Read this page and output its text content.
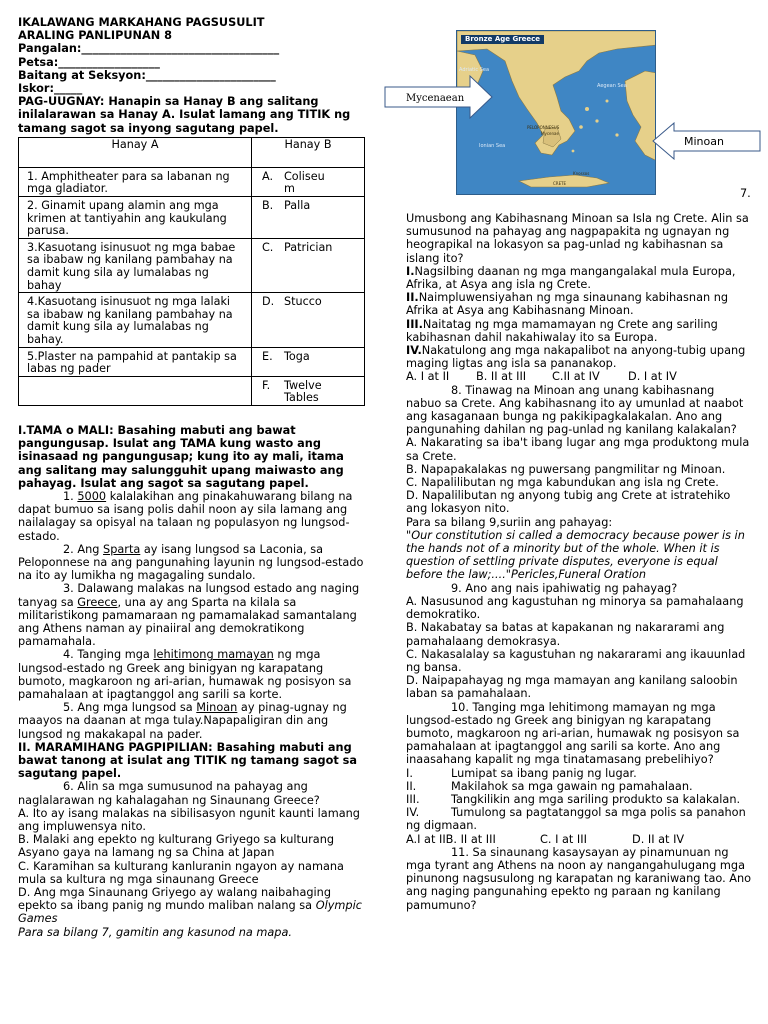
IKALAWANG MARKAHANG PAGSUSULIT
ARALING PANLIPUNAN 8
Pangalan:___________________________________
Petsa:__________________
Baitang at Seksyon:_______________________
Iskor:_____
PAG-UUGNAY: Hanapin sa Hanay B ang salitang inilalarawan sa Hanay A. Isulat lamang ang TITIK ng tamang sagot sa inyong sagutang papel.
Hanay A	Hanay B
1. Amphitheater para sa labanan ng mga gladiator.	A. Coliseum

2. Ginamit upang alamin ang mga krimen at tantiyahin ang kaukulang parusa.	B. Palla

3.Kasuotang isinusuot ng mga babae sa ibabaw ng kanilang pambahay na damit kung sila ay lumalabas ng bahay	C. Patrician

4.Kasuotang isinusuot ng mga lalaki sa ibabaw ng kanilang pambahay na damit kung sila ay lumalabas ng bahay.	D. Stucco

5.Plaster na pampahid at pantakip sa labas ng pader	E. Toga

	F. Twelve Tables
I.TAMA o MALI: Basahing mabuti ang bawat pangungusap. Isulat ang TAMA kung wasto ang isinasaad ng pangungusap; kung ito ay mali, itama ang salitang may salungguhit upang maiwasto ang pahayag. Isulat ang sagot sa sagutang papel.
1. 5000 kalalakihan ang pinakahuwarang bilang na dapat bumuo sa isang polis dahil noon ay sila lamang ang nailalagay sa opisyal na talaan ng populasyon ng lungsod-estado.
2. Ang Sparta ay isang lungsod sa Laconia, sa Peloponnese na ang pangunahing layunin ng lungsod-estado na ito ay lumikha ng magagaling sundalo.
3. Dalawang malakas na lungsod estado ang naging tanyag sa Greece, una ay ang Sparta na kilala sa militaristikong pamamaraan ng pamamalakad samantalang ang Athens naman ay pinaiiral ang demokratikong pamamahala.
4. Tanging mga lehitimong mamayan ng mga lungsod-estado ng Greek ang binigyan ng karapatang bumoto, magkaroon ng ari-arian, humawak ng posisyon sa pamahalaan at ipagtanggol ang sarili sa korte.
5. Ang mga lungsod sa Minoan ay pinag-ugnay ng maayos na daanan at mga tulay.Napapaligiran din ang lungsod ng makakapal na pader.
II. MARAMIHANG PAGPIPILIAN: Basahing mabuti ang bawat tanong at isulat ang TITIK ng tamang sagot sa sagutang papel.
6. Alin sa mga sumusunod na pahayag ang naglalarawan ng kahalagahan ng Sinaunang Greece?
A. Ito ay isang malakas na sibilisasyon ngunit kaunti lamang ang impluwensya nito.
B. Malaki ang epekto ng kulturang Griyego sa kulturang Asyano gaya na lamang ng sa China at Japan
C. Karamihan sa kulturang kanluranin ngayon ay namana mula sa kultura ng mga sinaunang Greece
D. Ang mga Sinaunang Griyego ay walang naibahaging epekto sa ibang panig ng mundo maliban nalang sa Olympic Games
Para sa bilang 7, gamitin ang kasunod na mapa.
Bronze Age Greece
Adriatic Sea
Aegean Sea
Ionian Sea
PELOPONNESUS
Mycenae
Knossos
CRETE
Mycenaean
Minoan
7.
Umusbong ang Kabihasnang Minoan sa Isla ng Crete. Alin sa sumusunod na pahayag ang nagpapakita ng ugnayan ng heograpikal na lokasyon sa pag-unlad ng kabihasnan sa islang ito?
I.Nagsilbing daanan ng mga mangangalakal mula Europa, Afrika, at Asya ang isla ng Crete.
II.Naimpluwensiyahan ng mga sinaunang kabihasnan ng Afrika at Asya ang Kabihasnang Minoan.
III.Naitatag ng mga mamamayan ng Crete ang sariling kabihasnan dahil nakahiwalay ito sa Europa.
IV.Nakatulong ang mga nakapalibot na anyong-tubig upang maging ligtas ang isla sa pananakop.
A. I at II	B. II at III	C.II at IV	D. I at IV
8. Tinawag na Minoan ang unang kabihasnang nabuo sa Crete. Ang kabihasnang ito ay umunlad at naabot ang kasaganaan bunga ng pakikipagkalakalan. Ano ang pangunahing dahilan ng pag-unlad ng kanilang kalakalan?
A. Nakarating sa iba't ibang lugar ang mga produktong mula sa Crete.
B. Napapakalakas ng puwersang pangmilitar ng Minoan.
C. Napalilibutan ng mga kabundukan ang isla ng Crete.
D. Napalilibutan ng anyong tubig ang Crete at istratehiko ang lokasyon nito.
Para sa bilang 9,suriin ang pahayag:
"Our constitution si called a democracy because power is in the hands not of a minority but of the whole. When it is question of settling private disputes, everyone is equal before the law;...."Pericles,Funeral Oration
9. Ano ang nais ipahiwatig ng pahayag?
A. Nasusunod ang kagustuhan ng minorya sa pamahalaang demokratiko.
B. Nakabatay sa batas at kapakanan ng nakararami ang pamahalaang demokrasya.
C. Nakasalalay sa kagustuhan ng nakararami ang ikauunlad ng bansa.
D. Naipapahayag ng mga mamayan ang kanilang saloobin laban sa pamahalaan.
10. Tanging mga lehitimong mamayan ng mga lungsod-estado ng Greek ang binigyan ng karapatang bumoto, magkaroon ng ari-arian, humawak ng posisyon sa pamahalaan at ipagtanggol ang sarili sa korte. Ano ang inaasahang kapalit ng mga tinatamasang prebelihiyo?
I.	Lumipat sa ibang panig ng lugar.
II.	Makilahok sa mga gawain ng pamahalaan.
III.	Tangkilikin ang mga sariling produkto sa kalakalan.
IV.	Tumulong sa pagtatanggol sa mga polis sa panahon ng digmaan.
A.I at IIB. II at III	C. I at III	D. II at IV
11. Sa sinaunang kasaysayan ay pinamunuan ng mga tyrant ang Athens na noon ay nangangahulugang mga pinunong nagsusulong ng karapatan ng karaniwang tao. Ano ang naging pangunahing epekto ng paraan ng kanilang pamumuno?
